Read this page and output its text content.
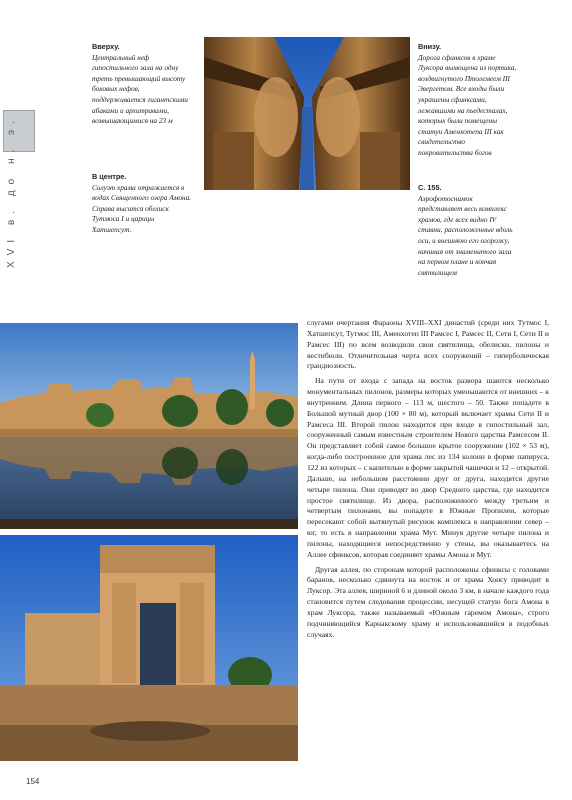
XVI в. до н. э.
Вверху.
Центральный неф гипостильного зала на одну треть превышающий высоту боковых нефов, поддерживается гигантскими абаками и архитравами, возвышающимися на 23 м
В центре.
Силуэт храма отражается в водах Священного озера Амона. Справа высится обелиск Тутмоса I и царицы Хатшепсут.
Внизу.
Дорога сфинксов в храме Луксора вымощена из портика, воздвигнутого Птолемеем III Эвергетом. Все входы были украшены сфинксами, лежавшими на пьедесталах, которых были помещены статуи Аменхотепа III как свидетельство покровительства богов
С. 155.
Аэрофотоснимок представляет весь комплекс храмов, где всех видно IV ставни, расположенные вдоль оси, и внешнюю его огорожу, начиная от знаменитого зала на первом плане и кончая святилищем

слугами очертания Фараоны XVIII–XXI династий (среди них Тутмос I, Хатшепсут, Тутмос III, Аменхотеп III Рамсес I, Рамсес II, Сети I, Сети II и Рамсес III) по всем возводили свои святилища, обелиски, пилоны и вестибюли. Отличительная черта всех сооружений – гиперболическая грандиозность.

На пути от входа с запада на восток развора шаются несколько монументальных пилонов, размеры которых уменьшаются от внешних – к внутренним. Длина первого – 113 м, шестого – 50. Также попадете в Большой мутный двор (100 × 80 м), который включает храмы Сети II и Рамсеса III. Второй пилон находится при входе в гипостильный зал, сооруженный самым известным строителем Нового царства Рамсесом II. Он представляет собой самое большое крытое сооружение (102 × 53 м), когда-либо построенное для храма лес из 134 колонн в форме папируса, 122 из которых – с капителью в форме закрытой чашечки и 12 – открытой. Дальше, на небольшом расстоянии друг от друга, находятся другие четыре пилона. Они приводят во двор Среднего царства, где находится простое святилище. Из двора, расположенного между третьим и четвертым пилонами, вы попадете в Южные Пропилеи, которые пересекают собой вытянутый рисунок комплекса в направлении север – юг, то есть в направлении храма Мут. Минуя другие четыре пилона и пилоны, находящиеся непосредственно у стены, вы оказываетесь на Аллее сфинксов, которая соединяет храмы Амона и Мут.

Другая аллея, по сторонам которой расположены сфинксы с головами баранов, несколько сдвинута на восток и от храма Хонсу приводит в Луксор. Эта аллея, шириной 6 и длиной около 3 км, в начале каждого года становится путем следования процессии, несущей статую бога Амона в храм Луксора, также называемый «Южным гаремом Амона», строго подчиняющийся Карнакскому храму и использовавшийся в подобных случаях.

154
